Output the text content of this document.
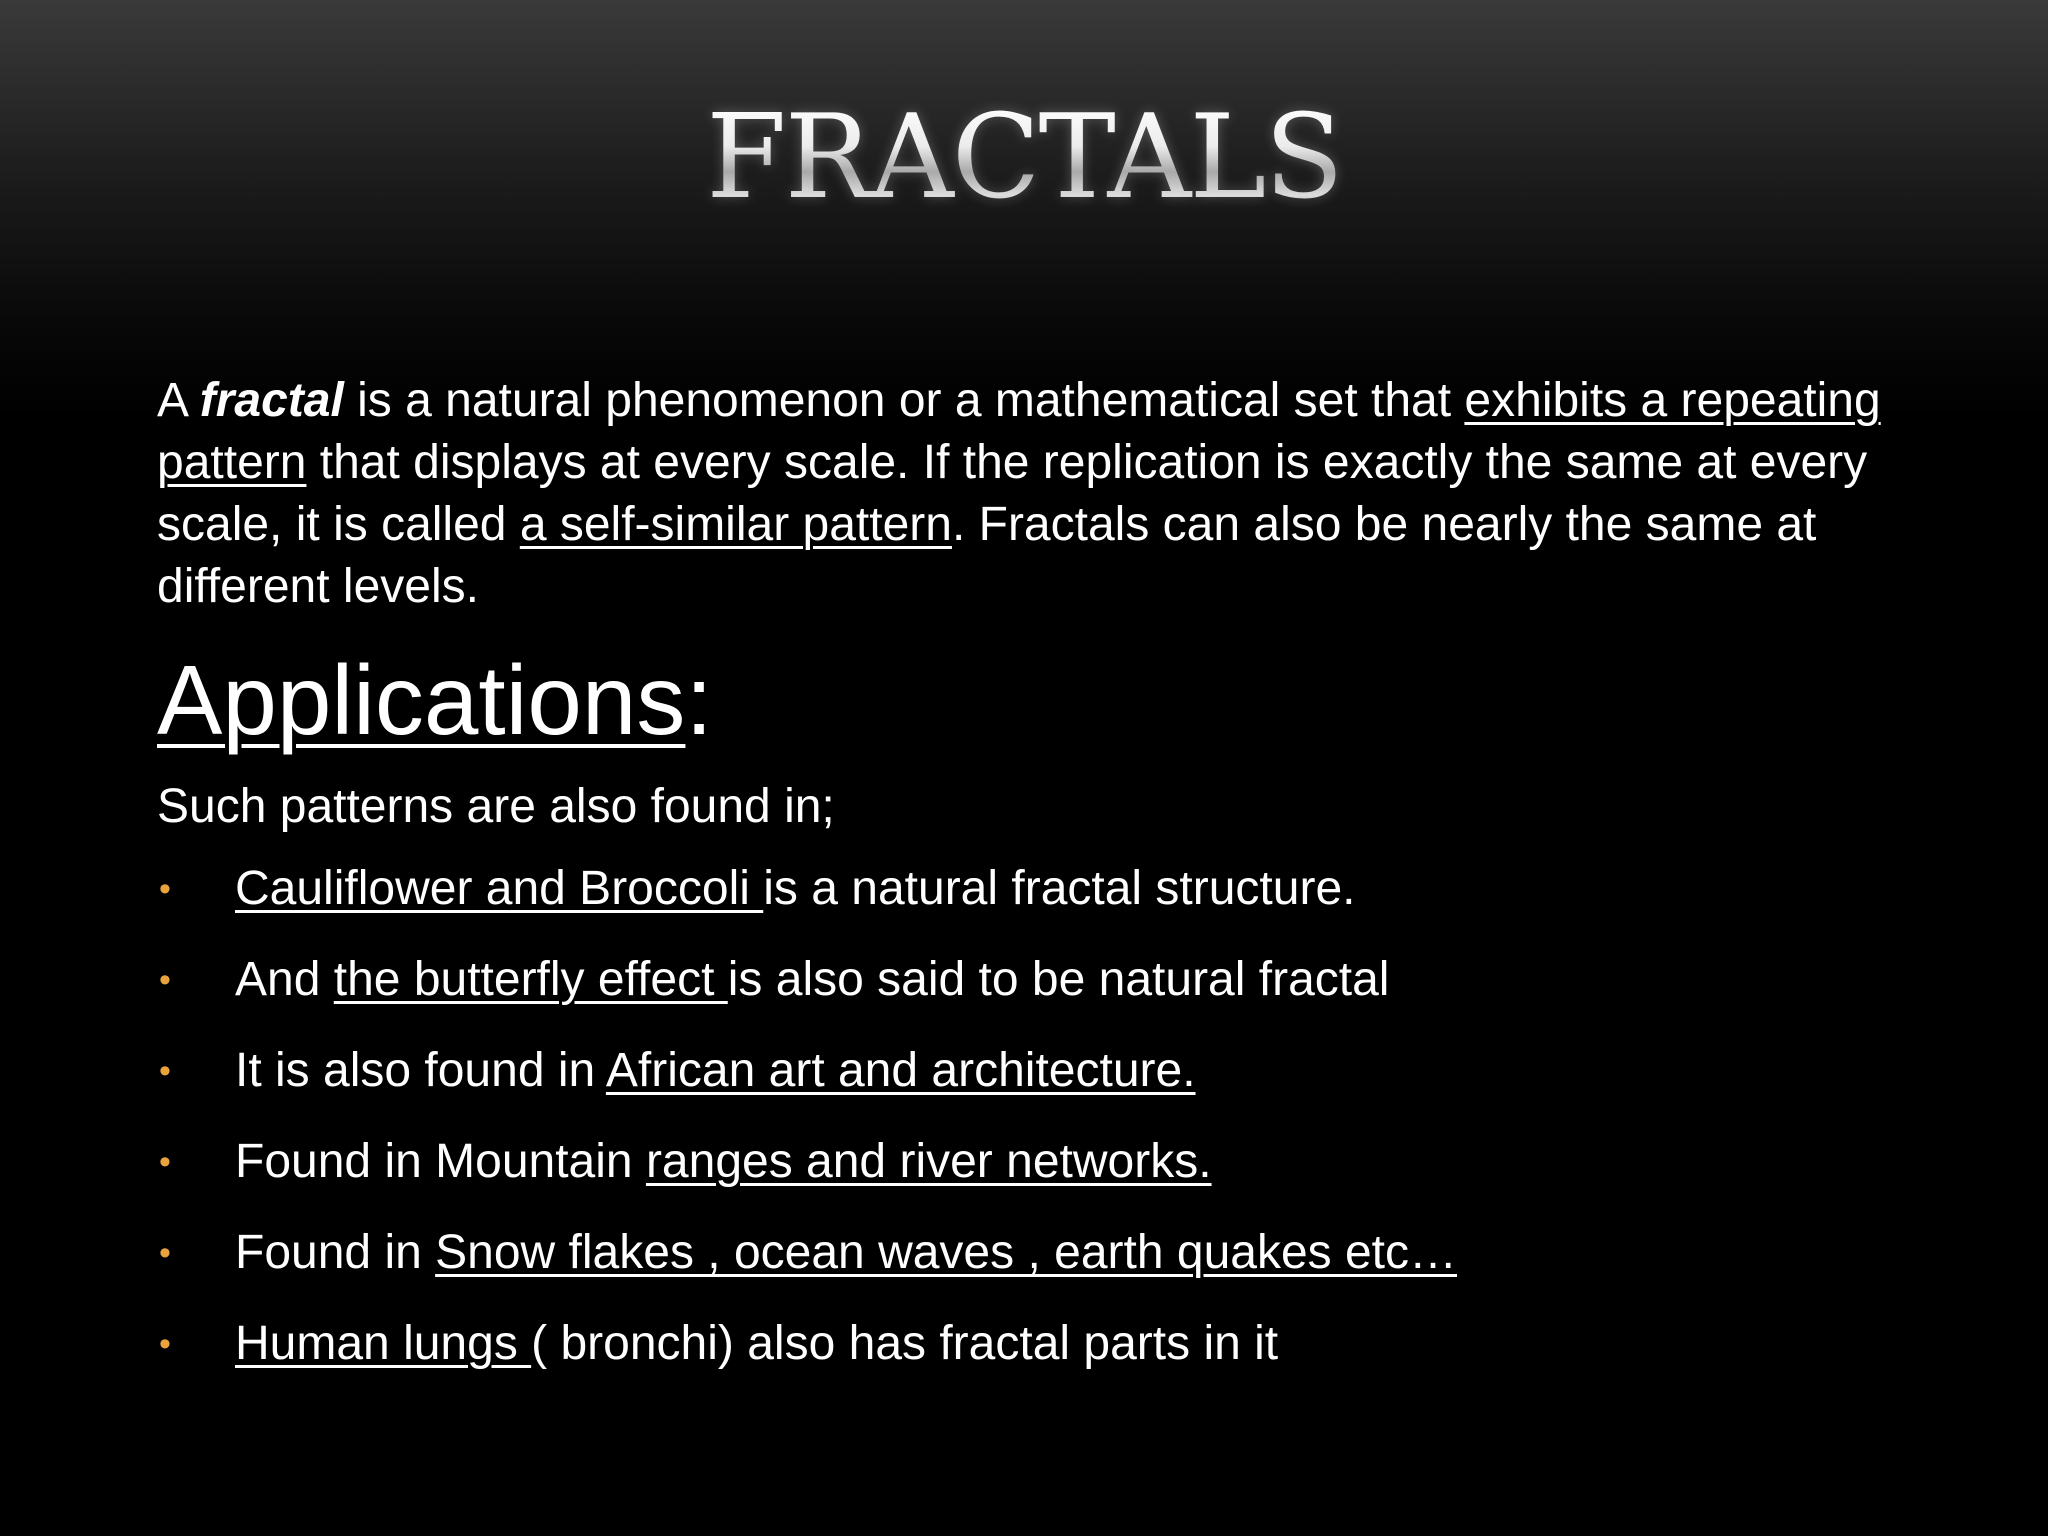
FRACTALS

A fractal is a natural phenomenon or a mathematical set that exhibits a repeating pattern that displays at every scale. If the replication is exactly the same at every scale, it is called a self-similar pattern. Fractals can also be nearly the same at different levels.

Applications:

Such patterns are also found in;

• Cauliflower and Broccoli is a natural fractal structure.
• And the butterfly effect is also said to be natural fractal
• It is also found in African art and architecture.
• Found in Mountain ranges and river networks.
• Found in Snow flakes , ocean waves , earth quakes etc…
• Human lungs ( bronchi) also has fractal parts in it
